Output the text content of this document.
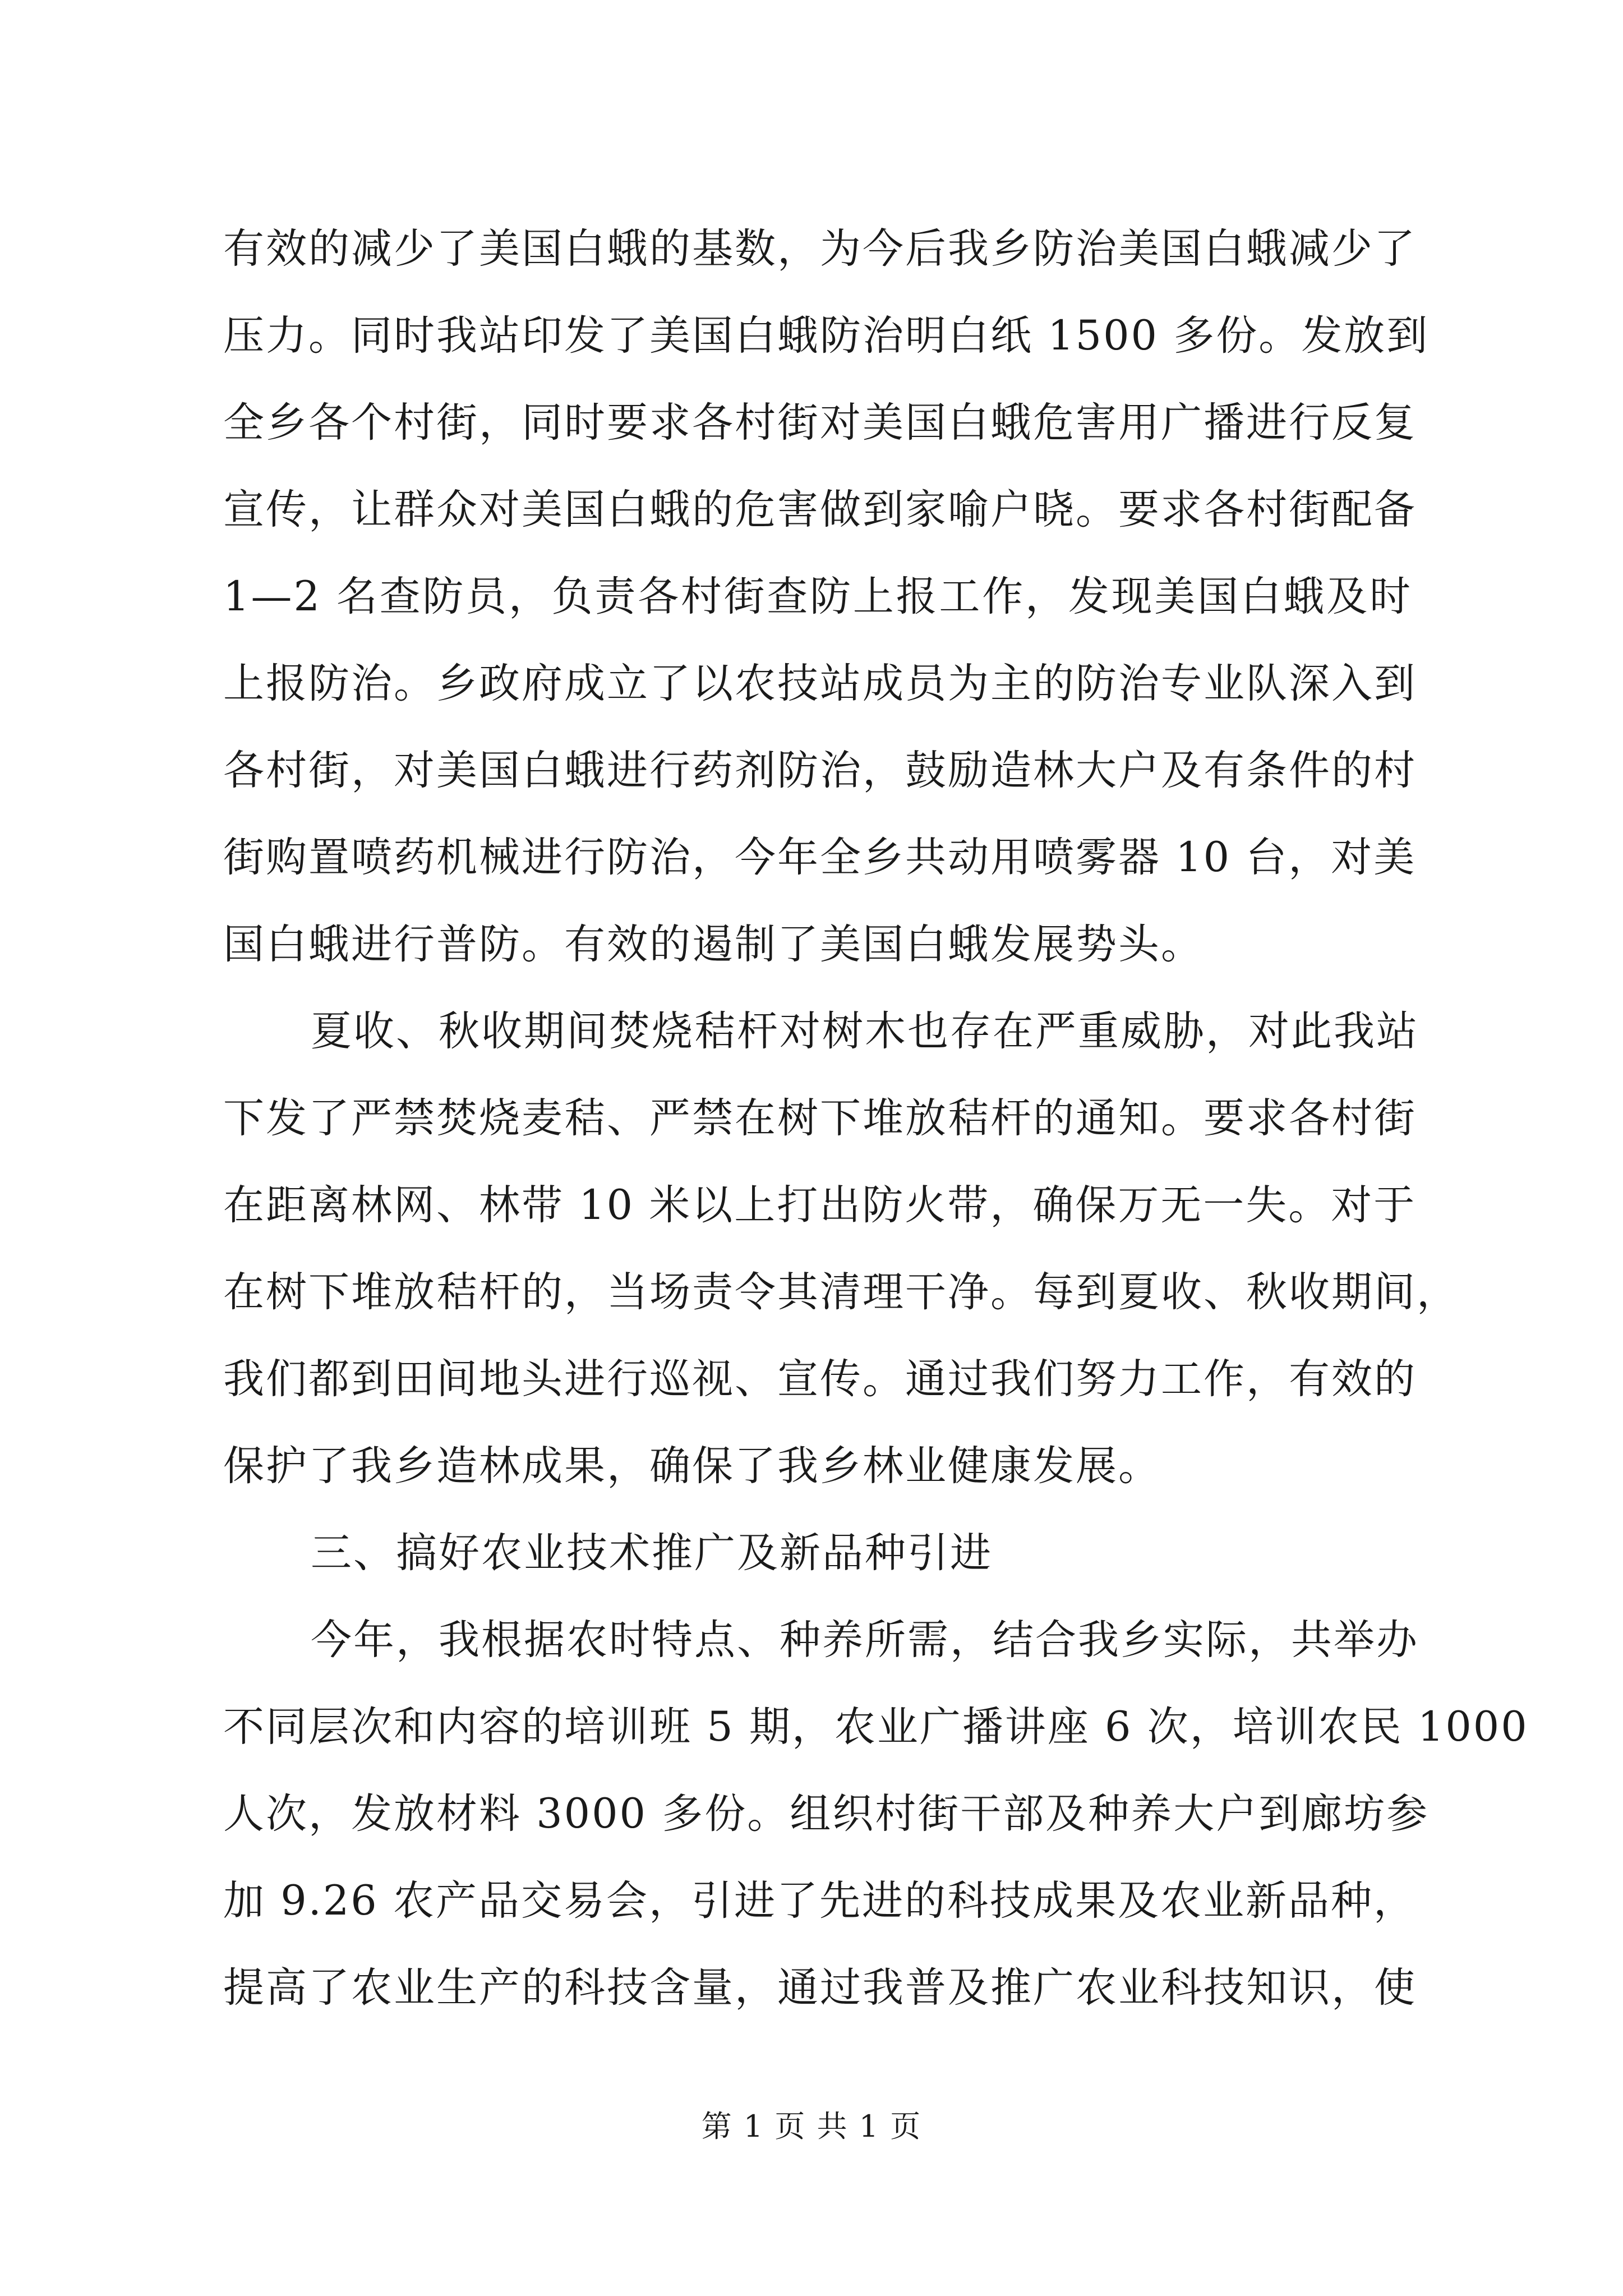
有效的减少了美国白蛾的基数，为今后我乡防治美国白蛾减少了
压力。同时我站印发了美国白蛾防治明白纸 1500 多份。发放到
全乡各个村街，同时要求各村街对美国白蛾危害用广播进行反复
宣传，让群众对美国白蛾的危害做到家喻户晓。要求各村街配备
1—2 名查防员，负责各村街查防上报工作，发现美国白蛾及时
上报防治。乡政府成立了以农技站成员为主的防治专业队深入到
各村街，对美国白蛾进行药剂防治，鼓励造林大户及有条件的村
街购置喷药机械进行防治，今年全乡共动用喷雾器 10 台，对美
国白蛾进行普防。有效的遏制了美国白蛾发展势头。

夏收、秋收期间焚烧秸杆对树木也存在严重威胁，对此我站
下发了严禁焚烧麦秸、严禁在树下堆放秸杆的通知。要求各村街
在距离林网、林带 10 米以上打出防火带，确保万无一失。对于
在树下堆放秸杆的，当场责令其清理干净。每到夏收、秋收期间，
我们都到田间地头进行巡视、宣传。通过我们努力工作，有效的
保护了我乡造林成果，确保了我乡林业健康发展。

三、搞好农业技术推广及新品种引进

今年，我根据农时特点、种养所需，结合我乡实际，共举办
不同层次和内容的培训班 5 期，农业广播讲座 6 次，培训农民 1000
人次，发放材料 3000 多份。组织村街干部及种养大户到廊坊参
加 9.26 农产品交易会，引进了先进的科技成果及农业新品种，
提高了农业生产的科技含量，通过我普及推广农业科技知识，使

第 1 页 共 1 页
